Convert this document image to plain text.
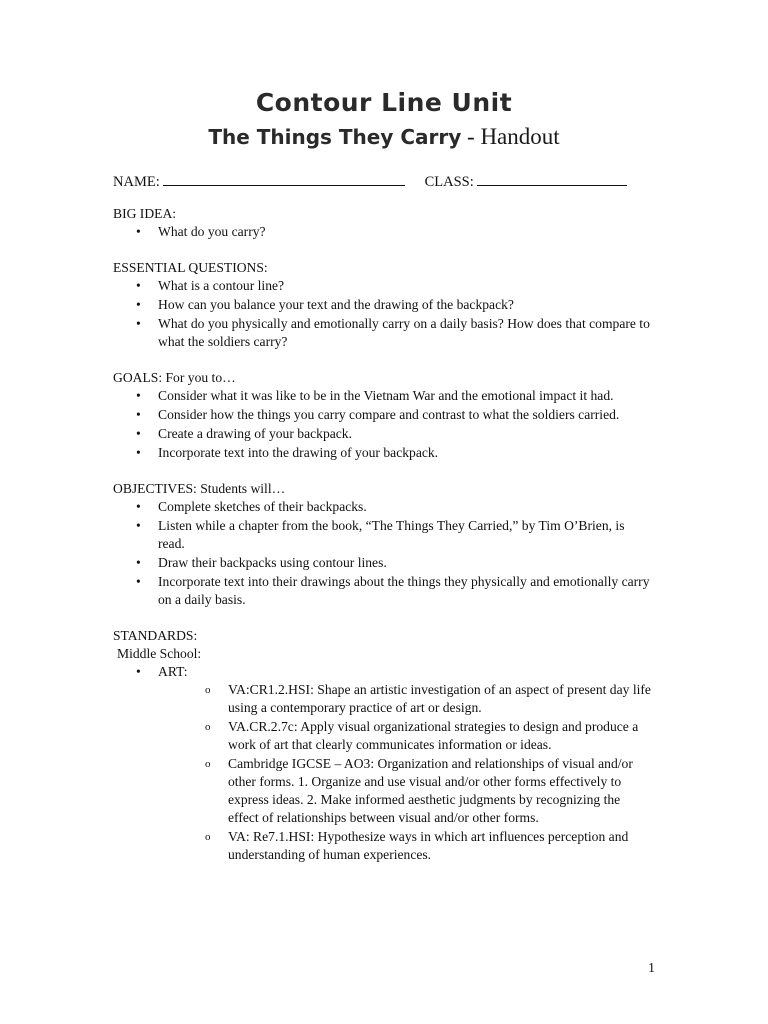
Contour Line Unit
The Things They Carry - Handout
NAME:	CLASS:
BIG IDEA:
• What do you carry?
ESSENTIAL QUESTIONS:
• What is a contour line?
• How can you balance your text and the drawing of the backpack?
• What do you physically and emotionally carry on a daily basis? How does that compare to what the soldiers carry?
GOALS: For you to…
• Consider what it was like to be in the Vietnam War and the emotional impact it had.
• Consider how the things you carry compare and contrast to what the soldiers carried.
• Create a drawing of your backpack.
• Incorporate text into the drawing of your backpack.
OBJECTIVES: Students will…
• Complete sketches of their backpacks.
• Listen while a chapter from the book, “The Things They Carried,” by Tim O’Brien, is read.
• Draw their backpacks using contour lines.
• Incorporate text into their drawings about the things they physically and emotionally carry on a daily basis.
STANDARDS:
Middle School:
• ART:
o VA:CR1.2.HSI: Shape an artistic investigation of an aspect of present day life using a contemporary practice of art or design.
o VA.CR.2.7c: Apply visual organizational strategies to design and produce a work of art that clearly communicates information or ideas.
o Cambridge IGCSE – AO3: Organization and relationships of visual and/or other forms. 1. Organize and use visual and/or other forms effectively to express ideas. 2. Make informed aesthetic judgments by recognizing the effect of relationships between visual and/or other forms.
o VA: Re7.1.HSI: Hypothesize ways in which art influences perception and understanding of human experiences.
1
